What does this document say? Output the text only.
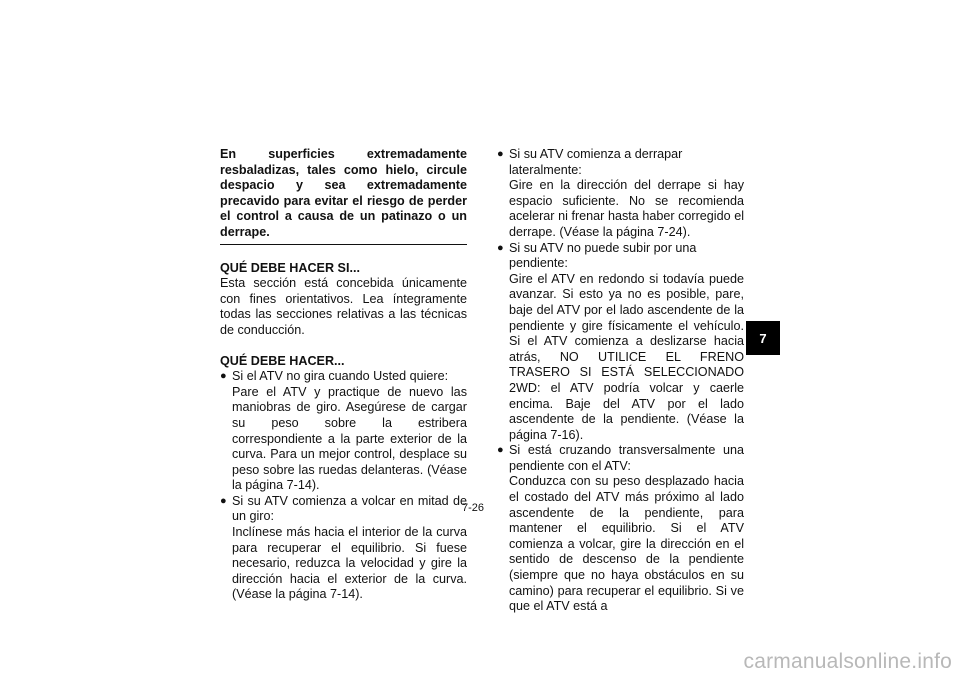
En superficies extremadamente resbaladizas, tales como hielo, circule despacio y sea extremadamente precavido para evitar el riesgo de perder el control a causa de un patinazo o un derrape.
QUÉ DEBE HACER SI...
Esta sección está concebida únicamente con fines orientativos. Lea íntegramente todas las secciones relativas a las técnicas de conducción.
QUÉ DEBE HACER...
● Si el ATV no gira cuando Usted quiere:
Pare el ATV y practique de nuevo las maniobras de giro. Asegúrese de cargar su peso sobre la estribera correspondiente a la parte exterior de la curva. Para un mejor control, desplace su peso sobre las ruedas delanteras. (Véase la página 7-14).
● Si su ATV comienza a volcar en mitad de un giro:
Inclínese más hacia el interior de la curva para recuperar el equilibrio. Si fuese necesario, reduzca la velocidad y gire la dirección hacia el exterior de la curva. (Véase la página 7-14).
● Si su ATV comienza a derrapar lateralmente:
Gire en la dirección del derrape si hay espacio suficiente. No se recomienda acelerar ni frenar hasta haber corregido el derrape. (Véase la página 7-24).
● Si su ATV no puede subir por una pendiente:
Gire el ATV en redondo si todavía puede avanzar. Si esto ya no es posible, pare, baje del ATV por el lado ascendente de la pendiente y gire físicamente el vehículo. Si el ATV comienza a deslizarse hacia atrás, NO UTILICE EL FRENO TRASERO SI ESTÁ SELECCIONADO 2WD: el ATV podría volcar y caerle encima. Baje del ATV por el lado ascendente de la pendiente. (Véase la página 7-16).
● Si está cruzando transversalmente una pendiente con el ATV:
Conduzca con su peso desplazado hacia el costado del ATV más próximo al lado ascendente de la pendiente, para mantener el equilibrio. Si el ATV comienza a volcar, gire la dirección en el sentido de descenso de la pendiente (siempre que no haya obstáculos en su camino) para recuperar el equilibrio. Si ve que el ATV está a
7
7-26
carmanualsonline.info
